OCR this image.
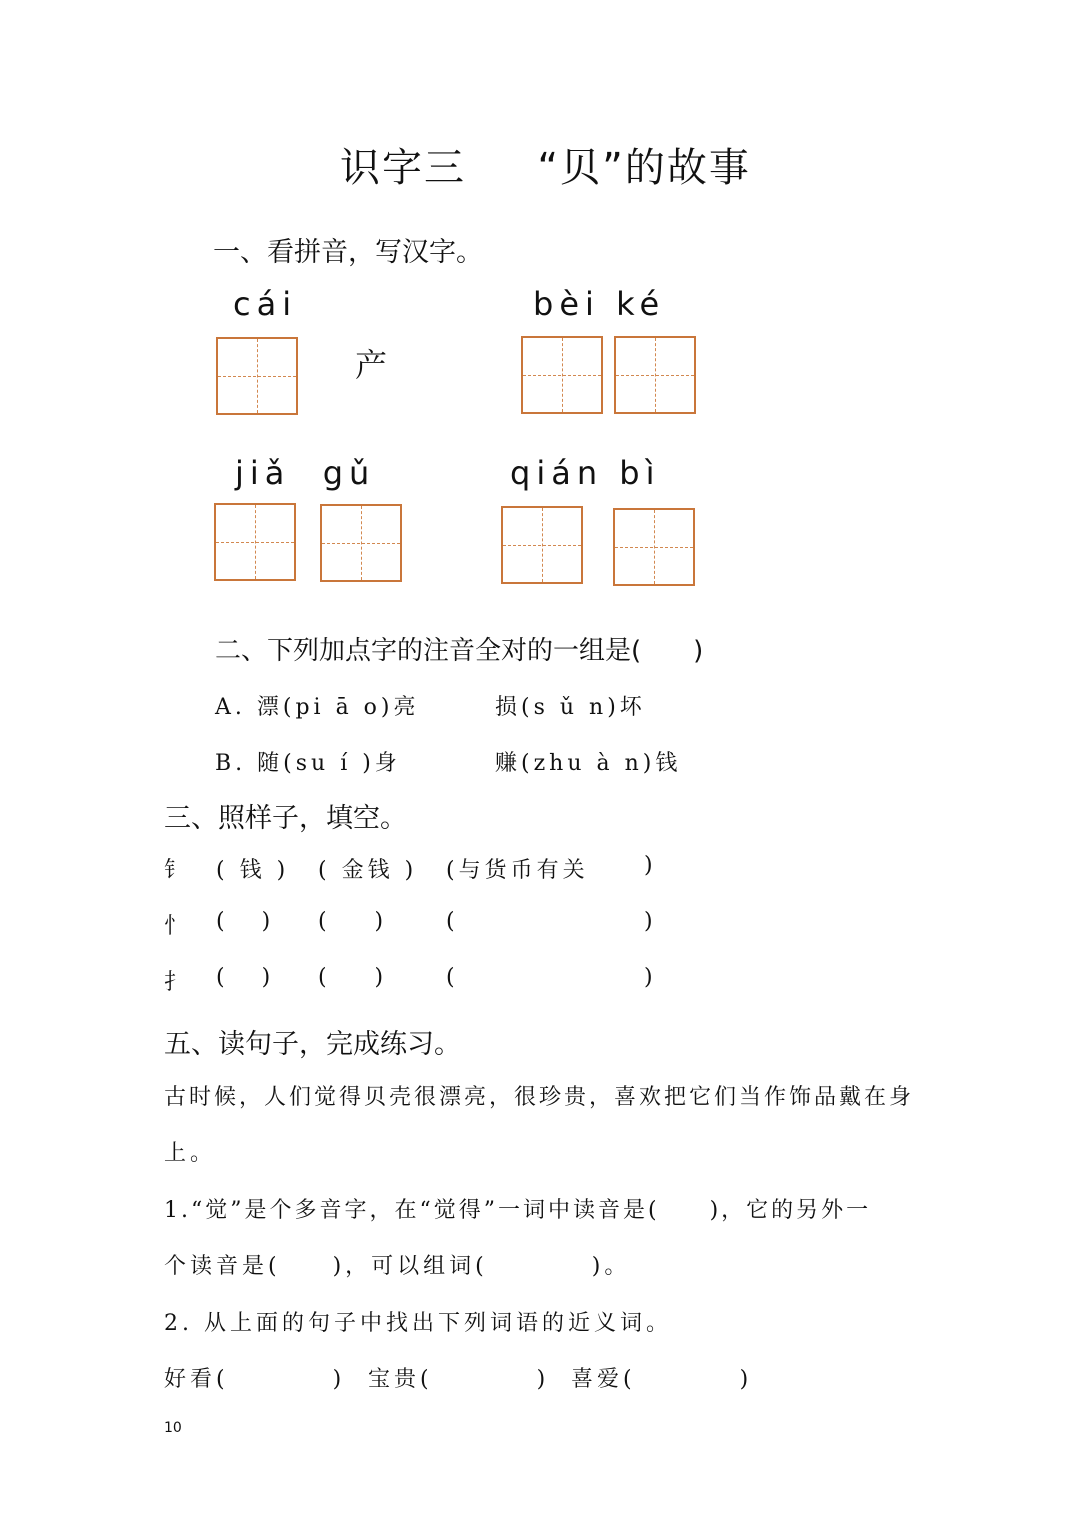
识字三　  “贝”的故事
一、看拼音，写汉字。
cái
产
bèi ké
jiǎ  gǔ	qián bì
二、下列加点字的注音全对的一组是(　　)
A. 漂(pi ā o)亮	损(s ǔ n)坏
B. 随(su í )身	赚(zhu à n)钱
三、照样子，填空。
钅 ( 钱 ) ( 金钱 ) (与货币有关	)
忄 (   ) (    )	(	)
扌 (   ) (    )	(	)
五、读句子，完成练习。
古时候，人们觉得贝壳很漂亮，很珍贵，喜欢把它们当作饰品戴在身
上。
1.“觉”是个多音字，在“觉得”一词中读音是(　　)，它的另外一
个读音是(　　)，可以组词(　　　　)。
2. 从上面的句子中找出下列词语的近义词。
好看(　　　　) 宝贵(　　　　) 喜爱(　　　　)
10
